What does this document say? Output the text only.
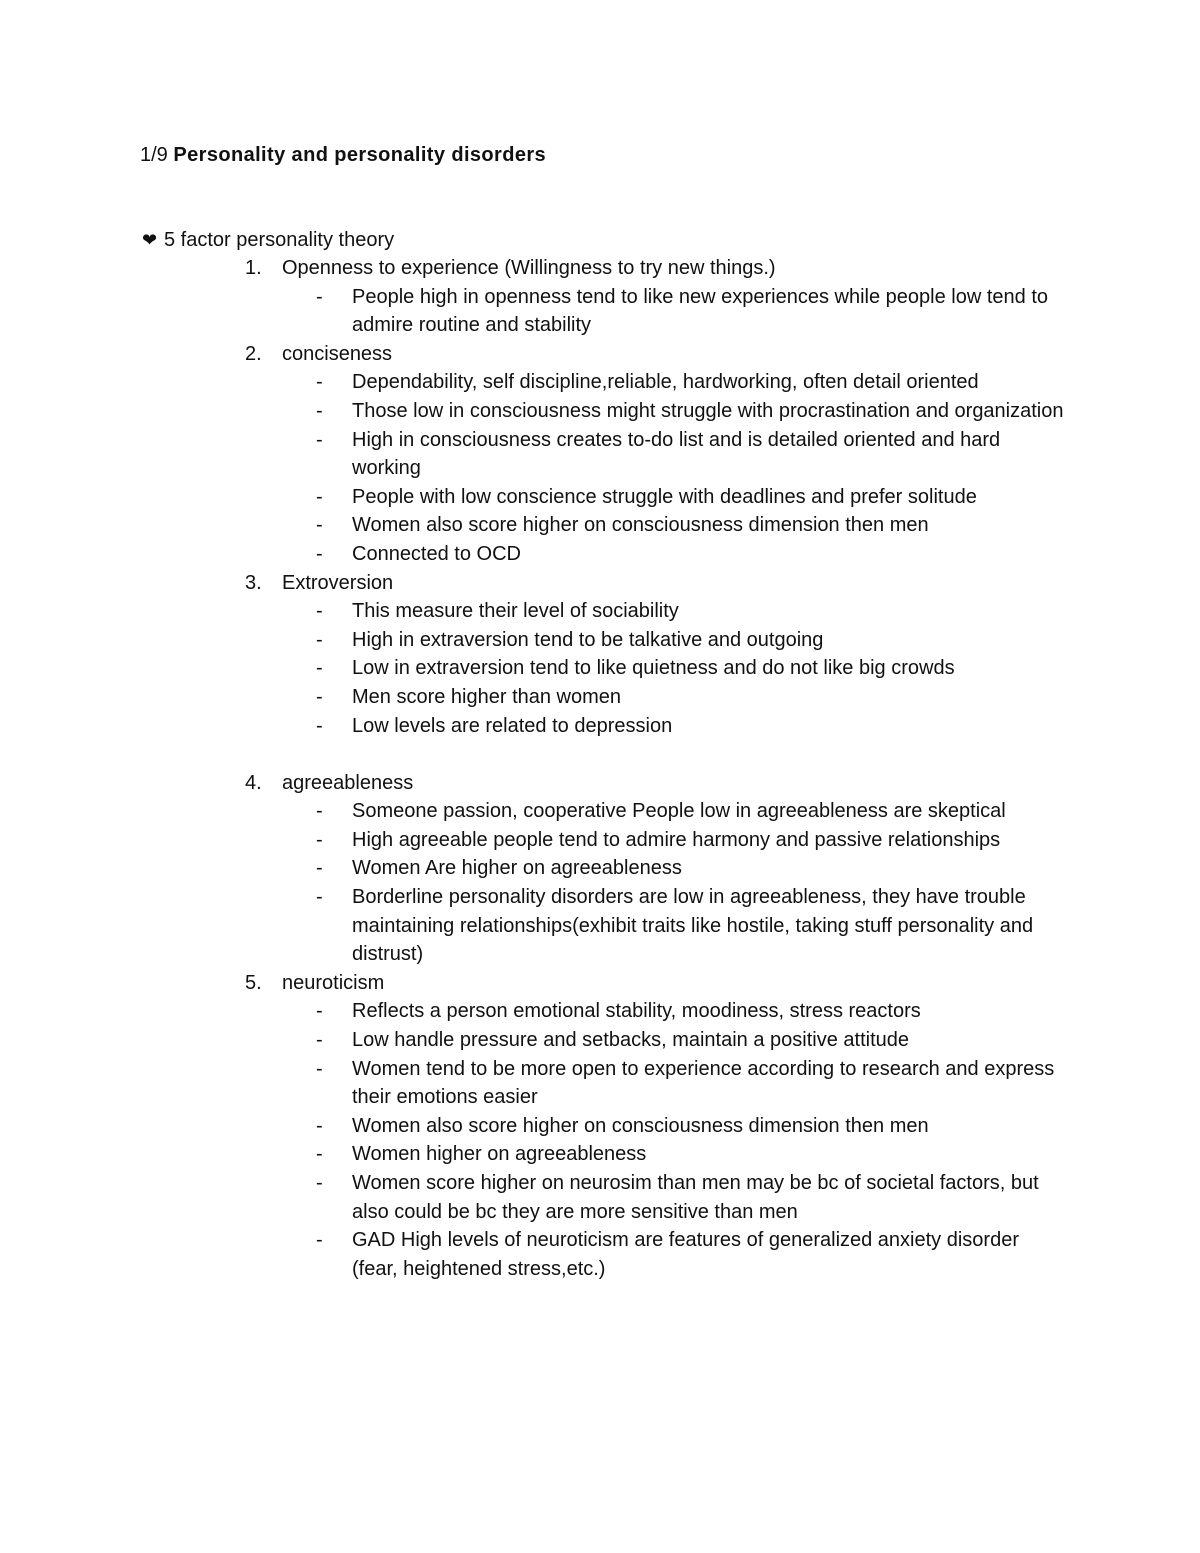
1/9 Personality and personality disorders
❤ 5 factor personality theory
1. Openness to experience (Willingness to try new things.)
- People high in openness tend to like new experiences while people low tend to admire routine and stability
2. conciseness
- Dependability, self discipline,reliable, hardworking, often detail oriented
- Those low in consciousness might struggle with procrastination and organization
- High in consciousness creates to-do list and is detailed oriented and hard working
- People with low conscience struggle with deadlines and prefer solitude
- Women also score higher on consciousness dimension then men
- Connected to OCD
3. Extroversion
- This measure their level of sociability
- High in extraversion tend to be talkative and outgoing
- Low in extraversion tend to like quietness and do not like big crowds
- Men score higher than women
- Low levels are related to depression
4. agreeableness
- Someone passion, cooperative People low in agreeableness are skeptical
- High agreeable people tend to admire harmony and passive relationships
- Women Are higher on agreeableness
- Borderline personality disorders are low in agreeableness, they have trouble maintaining relationships(exhibit traits like hostile, taking stuff personality and distrust)
5. neuroticism
- Reflects a person emotional stability, moodiness, stress reactors
- Low handle pressure and setbacks, maintain a positive attitude
- Women tend to be more open to experience according to research and express their emotions easier
- Women also score higher on consciousness dimension then men
- Women higher on agreeableness
- Women score higher on neurosim than men may be bc of societal factors, but also could be bc they are more sensitive than men
- GAD High levels of neuroticism are features of generalized anxiety disorder (fear, heightened stress,etc.)
